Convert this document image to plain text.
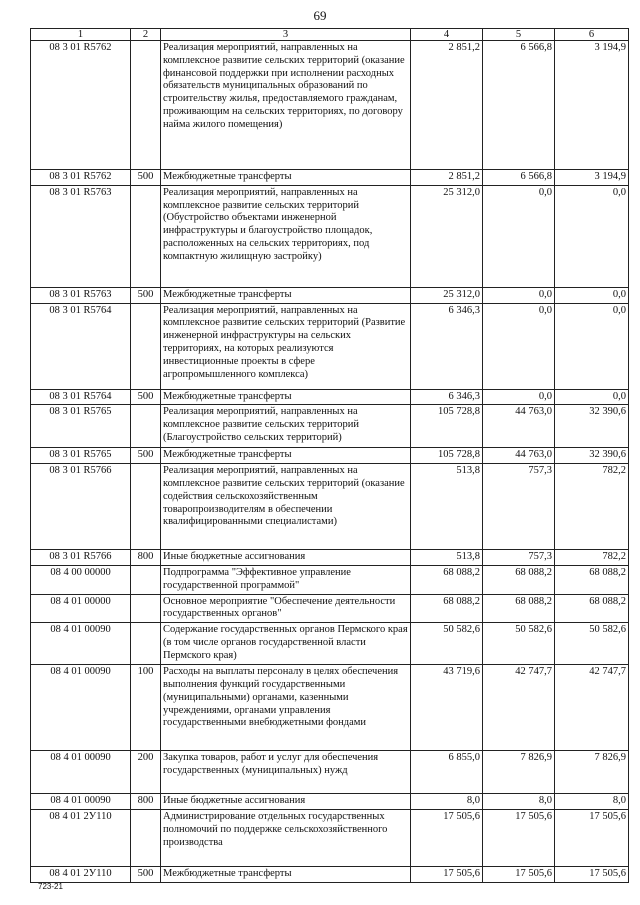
69
1	2	3	4	5	6
08 3 01 R5762		Реализация мероприятий, направленных на комплексное развитие сельских территорий (оказание финансовой поддержки при исполнении расходных обязательств муниципальных образований по строительству жилья, предоставляемого гражданам, проживающим на сельских территориях, по договору найма жилого помещения)	2 851,2	6 566,8	3 194,9
08 3 01 R5762	500	Межбюджетные трансферты	2 851,2	6 566,8	3 194,9
08 3 01 R5763		Реализация мероприятий, направленных на комплексное развитие сельских территорий (Обустройство объектами инженерной инфраструктуры и благоустройство площадок, расположенных на сельских территориях, под компактную жилищную застройку)	25 312,0	0,0	0,0
08 3 01 R5763	500	Межбюджетные трансферты	25 312,0	0,0	0,0
08 3 01 R5764		Реализация мероприятий, направленных на комплексное развитие сельских территорий (Развитие инженерной инфраструктуры на сельских территориях, на которых реализуются инвестиционные проекты в сфере агропромышленного комплекса)	6 346,3	0,0	0,0
08 3 01 R5764	500	Межбюджетные трансферты	6 346,3	0,0	0,0
08 3 01 R5765		Реализация мероприятий, направленных на комплексное развитие сельских территорий (Благоустройство сельских территорий)	105 728,8	44 763,0	32 390,6
08 3 01 R5765	500	Межбюджетные трансферты	105 728,8	44 763,0	32 390,6
08 3 01 R5766		Реализация мероприятий, направленных на комплексное развитие сельских территорий (оказание содействия сельскохозяйственным товаропроизводителям в обеспечении квалифицированными специалистами)	513,8	757,3	782,2
08 3 01 R5766	800	Иные бюджетные ассигнования	513,8	757,3	782,2
08 4 00 00000		Подпрограмма "Эффективное управление государственной программой"	68 088,2	68 088,2	68 088,2
08 4 01 00000		Основное мероприятие "Обеспечение деятельности государственных органов"	68 088,2	68 088,2	68 088,2
08 4 01 00090		Содержание государственных органов Пермского края (в том числе органов государственной власти Пермского края)	50 582,6	50 582,6	50 582,6
08 4 01 00090	100	Расходы на выплаты персоналу в целях обеспечения выполнения функций государственными (муниципальными) органами, казенными учреждениями, органами управления государственными внебюджетными фондами	43 719,6	42 747,7	42 747,7
08 4 01 00090	200	Закупка товаров, работ и услуг для обеспечения государственных (муниципальных) нужд	6 855,0	7 826,9	7 826,9
08 4 01 00090	800	Иные бюджетные ассигнования	8,0	8,0	8,0
08 4 01 2У110		Администрирование отдельных государственных полномочий по поддержке сельскохозяйственного производства	17 505,6	17 505,6	17 505,6
08 4 01 2У110	500	Межбюджетные трансферты	17 505,6	17 505,6	17 505,6
723-21
